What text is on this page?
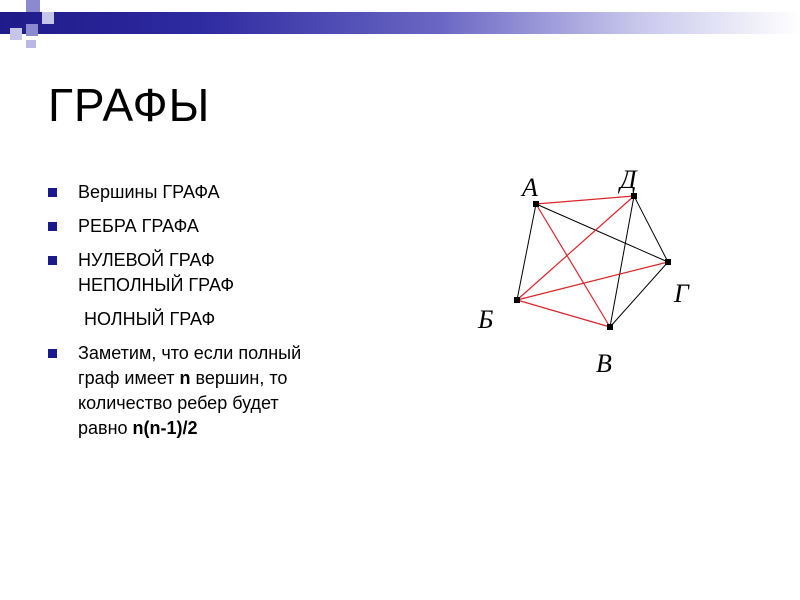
ГРАФЫ
Вершины ГРАФА
РЕБРА ГРАФА
НУЛЕВОЙ ГРАФ
НЕПОЛНЫЙ ГРАФ
НОЛНЫЙ ГРАФ
Заметим, что если полный
граф имеет n вершин, то
количество ребер будет
равно n(n-1)/2
А	Д
Г
Б
В
